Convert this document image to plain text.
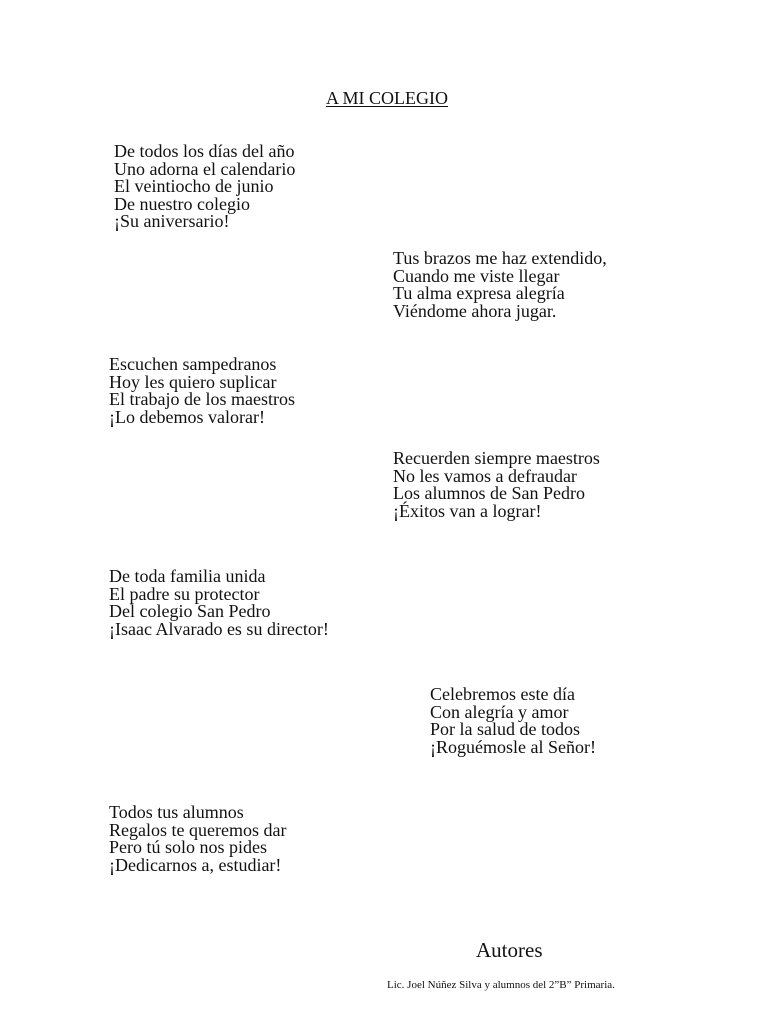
A MI COLEGIO
De todos los días del año
Uno adorna el calendario
El veintiocho de junio
De nuestro colegio
¡Su aniversario!
Tus brazos me haz extendido,
Cuando me viste llegar
Tu alma expresa alegría
Viéndome ahora jugar.
Escuchen sampedranos
Hoy les quiero suplicar
El trabajo de los maestros
¡Lo debemos valorar!
Recuerden siempre maestros
No les vamos a defraudar
Los alumnos de San Pedro
¡Éxitos van a lograr!
De toda familia unida
El padre su protector
Del colegio San Pedro
¡Isaac Alvarado es su director!
Celebremos este día
Con alegría y amor
Por la salud de todos
¡Roguémosle al Señor!
Todos tus alumnos
Regalos te queremos dar
Pero tú solo nos pides
¡Dedicarnos a, estudiar!
Autores
Lic. Joel Núñez Silva y alumnos del 2”B” Primaria.
